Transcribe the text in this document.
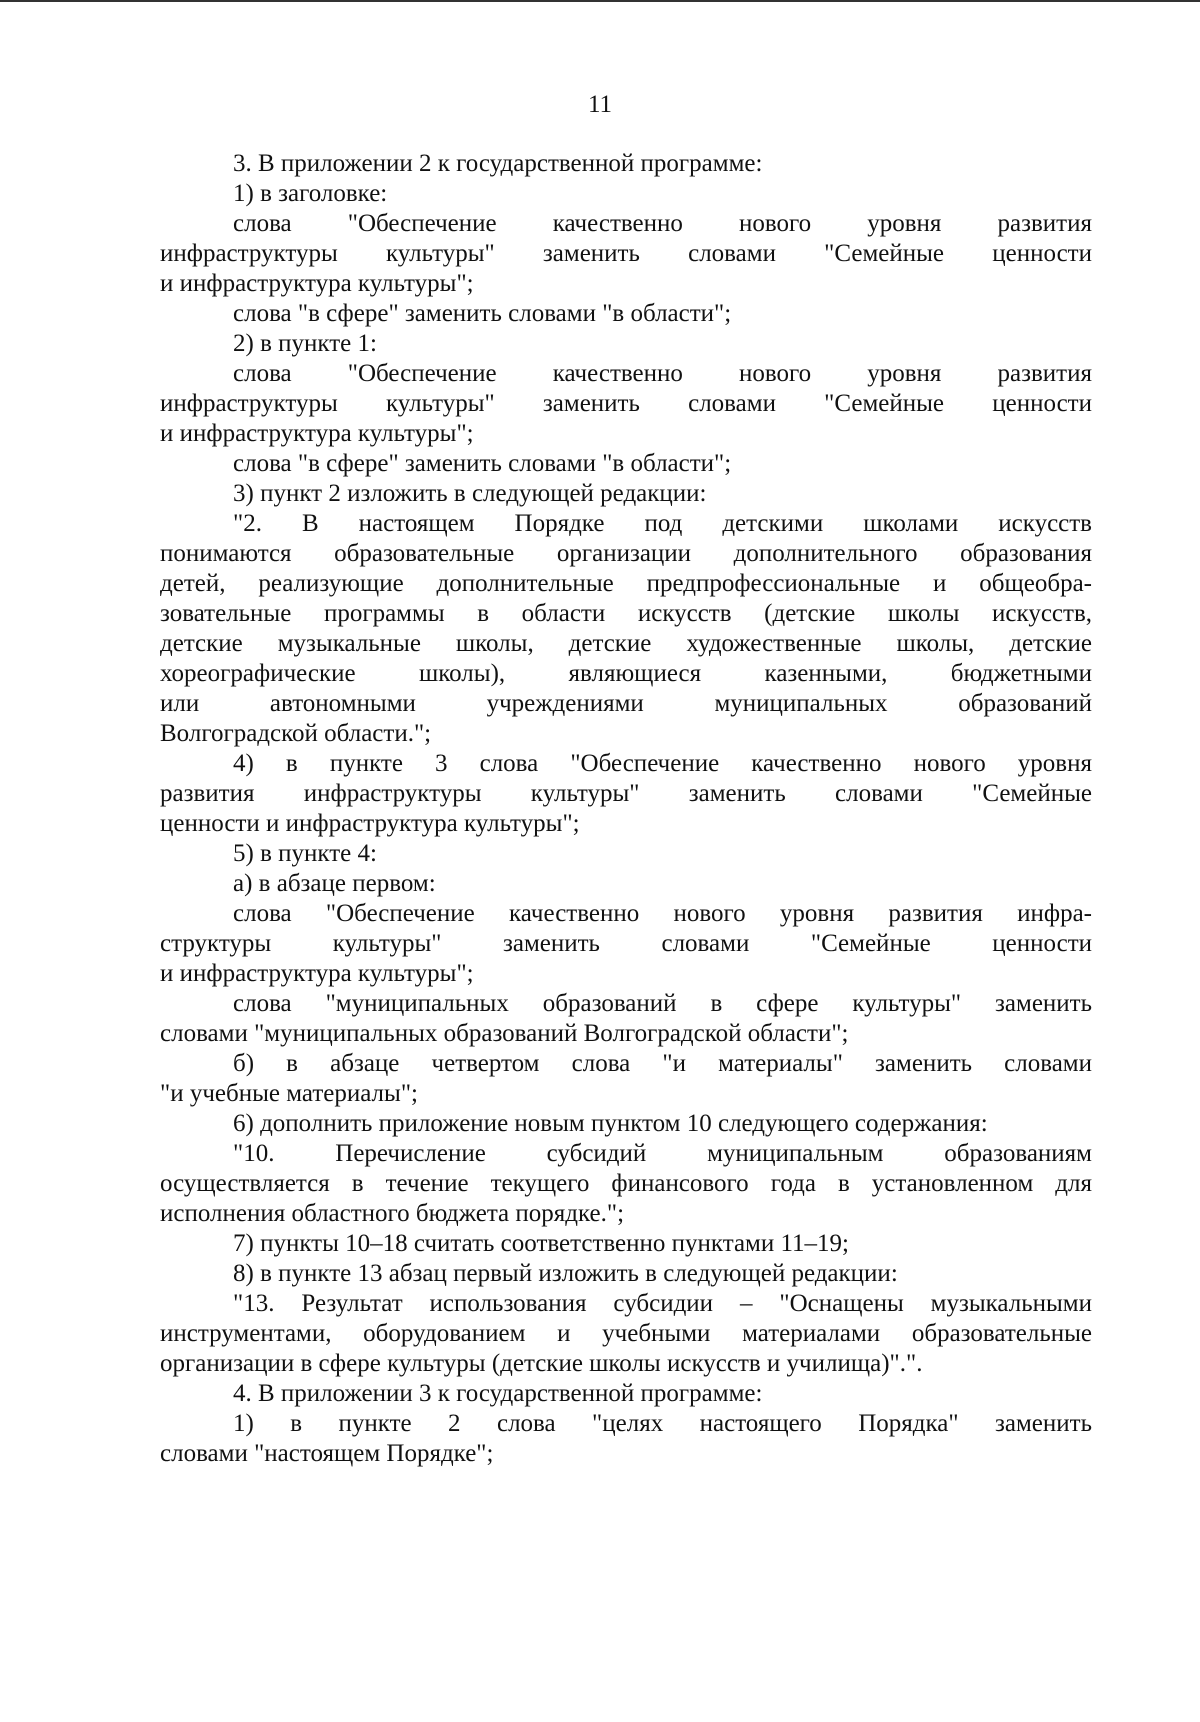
11
3. В приложении 2 к государственной программе:
1) в заголовке:
слова "Обеспечение качественно нового уровня развития
инфраструктуры культуры" заменить словами "Семейные ценности
и инфраструктура культуры";
слова "в сфере" заменить словами "в области";
2) в пункте 1:
слова "Обеспечение качественно нового уровня развития
инфраструктуры культуры" заменить словами "Семейные ценности
и инфраструктура культуры";
слова "в сфере" заменить словами "в области";
3) пункт 2 изложить в следующей редакции:
"2. В настоящем Порядке под детскими школами искусств
понимаются образовательные организации дополнительного образования
детей, реализующие дополнительные предпрофессиональные и общеобра-
зовательные программы в области искусств (детские школы искусств,
детские музыкальные школы, детские художественные школы, детские
хореографические школы), являющиеся казенными, бюджетными
или автономными учреждениями муниципальных образований
Волгоградской области.";
4) в пункте 3 слова "Обеспечение качественно нового уровня
развития инфраструктуры культуры" заменить словами "Семейные
ценности и инфраструктура культуры";
5) в пункте 4:
а) в абзаце первом:
слова "Обеспечение качественно нового уровня развития инфра-
структуры культуры" заменить словами "Семейные ценности
и инфраструктура культуры";
слова "муниципальных образований в сфере культуры" заменить
словами "муниципальных образований Волгоградской области";
б) в абзаце четвертом слова "и материалы" заменить словами
"и учебные материалы";
6) дополнить приложение новым пунктом 10 следующего содержания:
"10. Перечисление субсидий муниципальным образованиям
осуществляется в течение текущего финансового года в установленном для
исполнения областного бюджета порядке.";
7) пункты 10–18 считать соответственно пунктами 11–19;
8) в пункте 13 абзац первый изложить в следующей редакции:
"13. Результат использования субсидии – "Оснащены музыкальными
инструментами, оборудованием и учебными материалами образовательные
организации в сфере культуры (детские школы искусств и училища)".".
4. В приложении 3 к государственной программе:
1) в пункте 2 слова "целях настоящего Порядка" заменить
словами "настоящем Порядке";
